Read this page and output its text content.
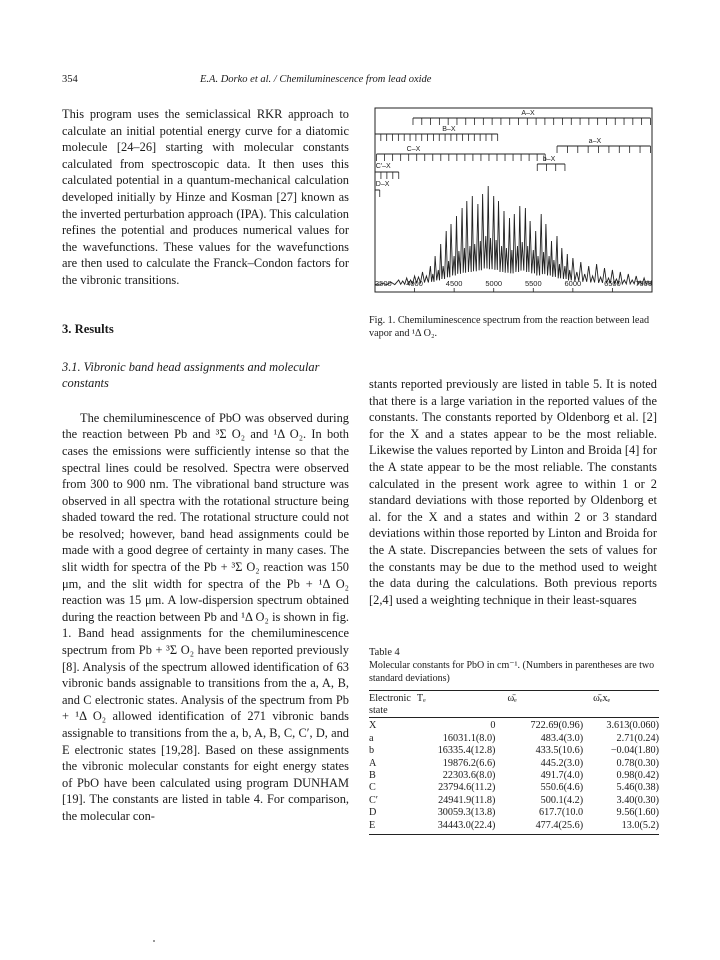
354	E.A. Dorko et al. / Chemiluminescence from lead oxide

This program uses the semiclassical RKR approach to calculate an initial potential energy curve for a diatomic molecule [24–26] starting with molecular constants calculated from spectroscopic data. It then uses this calculated potential in a quantum-mechanical calculation developed initially by Hinze and Kosman [27] known as the inverted perturbation approach (IPA). This calculation refines the potential and produces numerical values for the wavefunctions. These values for the wavefunctions are then used to calculate the Franck–Condon factors for the vibronic transitions.

3. Results
3.1. Vibronic band head assignments and molecular constants

The chemiluminescence of PbO was observed during the reaction between Pb and ³Σ O₂ and ¹Δ O₂. In both cases the emissions were sufficiently intense so that the spectral lines could be resolved. Spectra were observed from 300 to 900 nm. The vibrational band structure was observed in all spectra with the rotational structure being shaded toward the red. The rotational structure could not be resolved; however, band head assignments could be made with a good degree of certainty in many cases. The slit width for spectra of the Pb + ³Σ O₂ reaction was 150 μm, and the slit width for spectra of the Pb + ¹Δ O₂ reaction was 15 μm. A low-dispersion spectrum obtained during the reaction between Pb and ¹Δ O₂ is shown in fig. 1. Band head assignments for the chemiluminescence spectrum from Pb + ³Σ O₂ have been reported previously [8]. Analysis of the spectrum allowed identification of 63 vibronic bands assignable to transitions from the a, A, B, and C electronic states. Analysis of the spectrum from Pb + ¹Δ O₂ allowed identification of 271 vibronic bands assignable to transitions from the a, b, A, B, C, C′, D, and E electronic states [19,28]. Based on these assignments the vibronic molecular constants for eight energy states of PbO have been calculated using program DUNHAM [19]. The constants are listed in table 4. For comparison, the molecular con-

A–X
B–X
a–X
C–X
b–X
C′–X
D–X
3500 4000	4500	5000	5500	6000	6500 7000
Fig. 1. Chemiluminescence spectrum from the reaction between lead vapor and ¹Δ O₂.

stants reported previously are listed in table 5. It is noted that there is a large variation in the reported values of the constants. The constants reported by Oldenborg et al. [2] for the X and a states appear to be the most reliable. Likewise the values reported by Linton and Broida [4] for the A state appear to be the most reliable. The constants calculated in the present work agree to within 1 or 2 standard deviations with those reported by Oldenborg et al. for the X and a states and within 2 or 3 standard deviations within those reported by Linton and Broida for the A state. Discrepancies between the sets of values for the constants may be due to the method used to weight the data during the calculations. Both previous reports [2,4] used a weighting technique in their least-squares

Table 4
Molecular constants for PbO in cm⁻¹. (Numbers in parentheses are two standard deviations)
Electronic state	Tₑ	ω̄ₑ	ω̄ₑxₑ
X	0	722.69(0.96)	3.613(0.060)
a	16031.1(8.0)	483.4(3.0)	2.71(0.24)
b	16335.4(12.8)	433.5(10.6)	−0.04(1.80)
A	19876.2(6.6)	445.2(3.0)	0.78(0.30)
B	22303.6(8.0)	491.7(4.0)	0.98(0.42)
C	23794.6(11.2)	550.6(4.6)	5.46(0.38)
C′	24941.9(11.8)	500.1(4.2)	3.40(0.30)
D	30059.3(13.8)	617.7(10.0	9.56(1.60)
E	34443.0(22.4)	477.4(25.6)	13.0(5.2)
